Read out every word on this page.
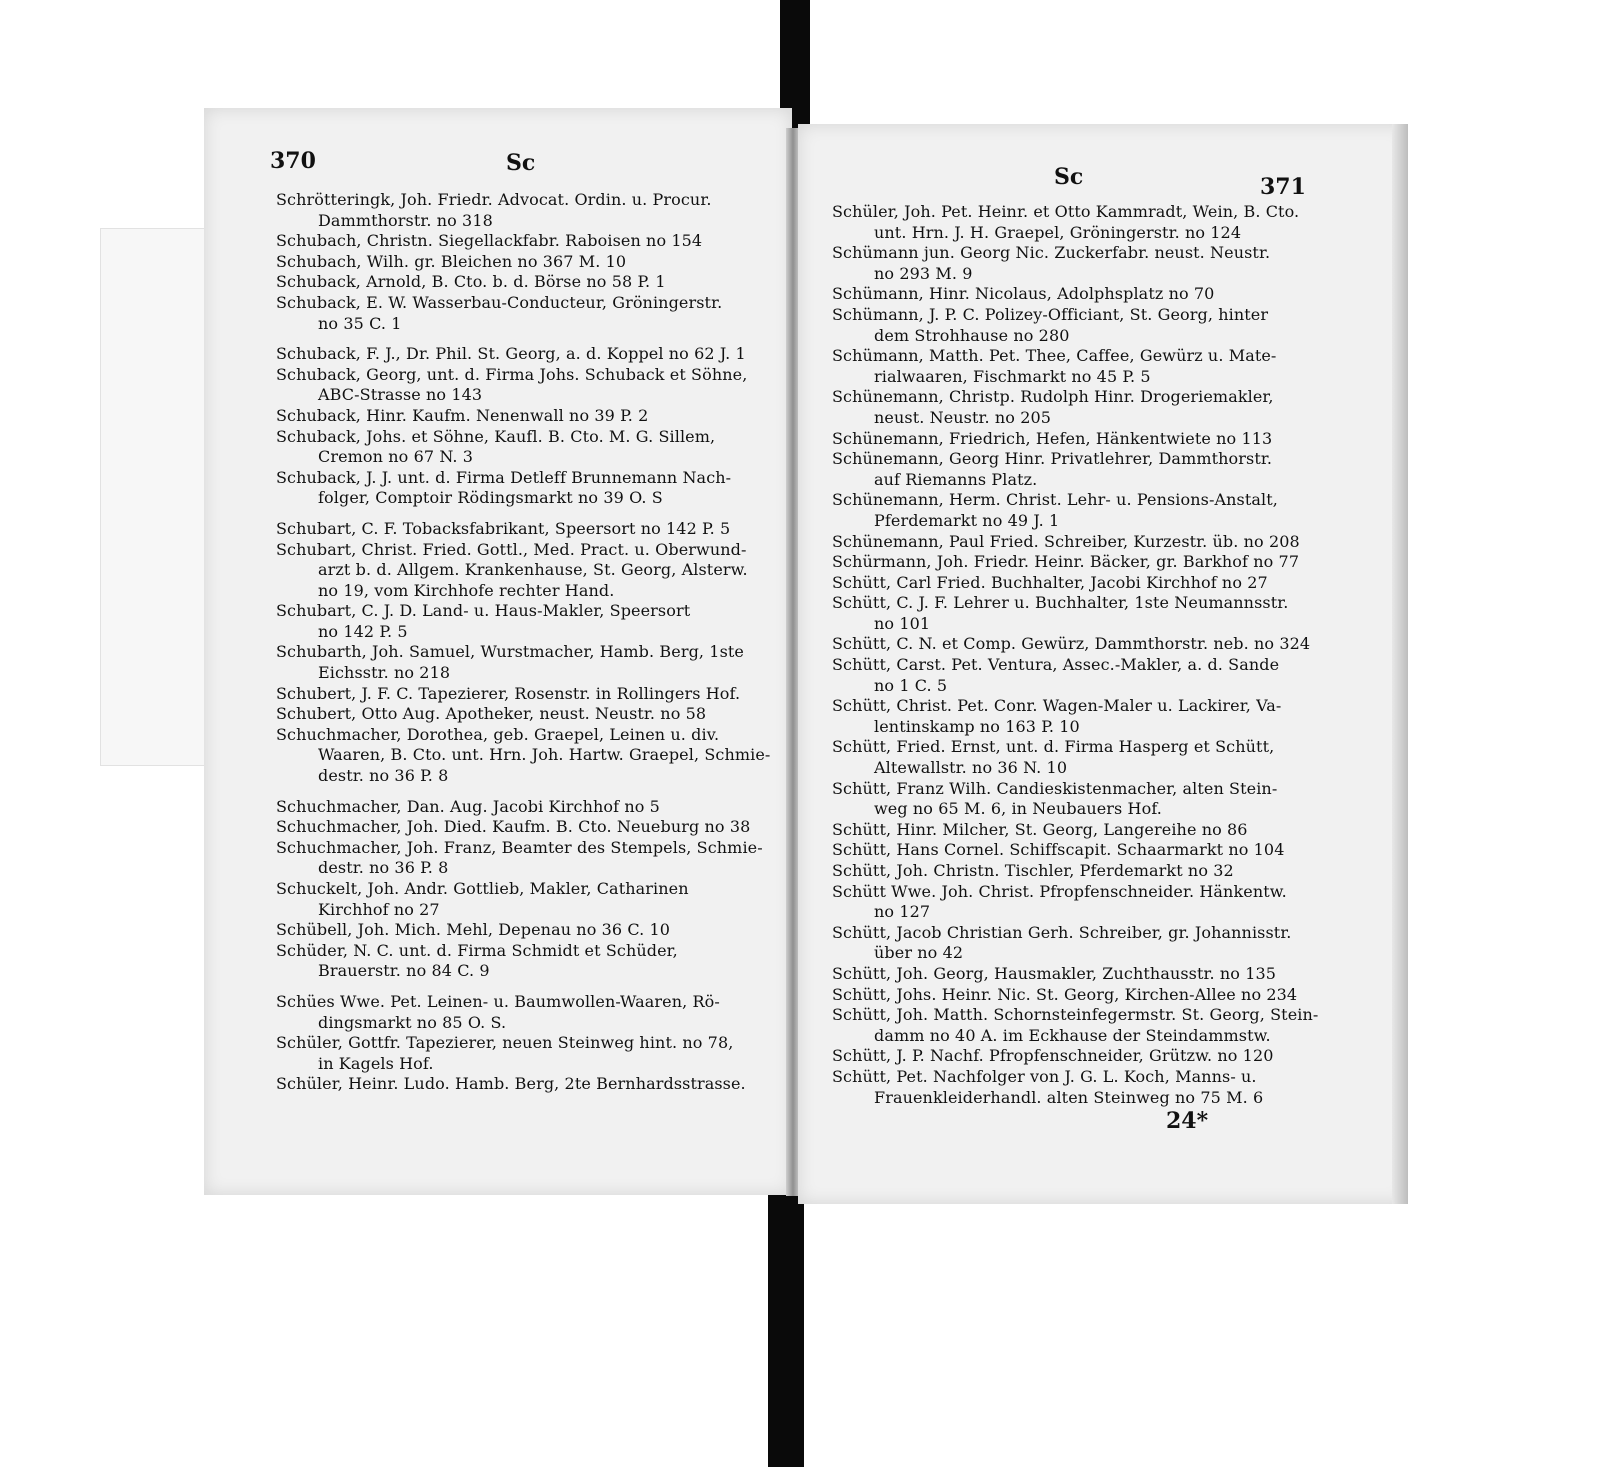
370	Sc
Schrötteringk, Joh. Friedr. Advocat. Ordin. u. Procur.
Dammthorstr. no 318
Schubach, Christn. Siegellackfabr. Raboisen no 154
Schubach, Wilh. gr. Bleichen no 367 M. 10
Schuback, Arnold, B. Cto. b. d. Börse no 58 P. 1
Schuback, E. W. Wasserbau-Conducteur, Gröningerstr.
no 35 C. 1
Schuback, F. J., Dr. Phil. St. Georg, a. d. Koppel no 62 J. 1
Schuback, Georg, unt. d. Firma Johs. Schuback et Söhne,
ABC-Strasse no 143
Schuback, Hinr. Kaufm. Nenenwall no 39 P. 2
Schuback, Johs. et Söhne, Kaufl. B. Cto. M. G. Sillem,
Cremon no 67 N. 3
Schuback, J. J. unt. d. Firma Detleff Brunnemann Nach-
folger, Comptoir Rödingsmarkt no 39 O. S
Schubart, C. F. Tobacksfabrikant, Speersort no 142 P. 5
Schubart, Christ. Fried. Gottl., Med. Pract. u. Oberwund-
arzt b. d. Allgem. Krankenhause, St. Georg, Alsterw.
no 19, vom Kirchhofe rechter Hand.
Schubart, C. J. D. Land- u. Haus-Makler, Speersort
no 142 P. 5
Schubarth, Joh. Samuel, Wurstmacher, Hamb. Berg, 1ste
Eichsstr. no 218
Schubert, J. F. C. Tapezierer, Rosenstr. in Rollingers Hof.
Schubert, Otto Aug. Apotheker, neust. Neustr. no 58
Schuchmacher, Dorothea, geb. Graepel, Leinen u. div.
Waaren, B. Cto. unt. Hrn. Joh. Hartw. Graepel, Schmie-
destr. no 36 P. 8
Schuchmacher, Dan. Aug. Jacobi Kirchhof no 5
Schuchmacher, Joh. Died. Kaufm. B. Cto. Neueburg no 38
Schuchmacher, Joh. Franz, Beamter des Stempels, Schmie-
destr. no 36 P. 8
Schuckelt, Joh. Andr. Gottlieb, Makler, Catharinen
Kirchhof no 27
Schübell, Joh. Mich. Mehl, Depenau no 36 C. 10
Schüder, N. C. unt. d. Firma Schmidt et Schüder,
Brauerstr. no 84 C. 9
Schües Wwe. Pet. Leinen- u. Baumwollen-Waaren, Rö-
dingsmarkt no 85 O. S.
Schüler, Gottfr. Tapezierer, neuen Steinweg hint. no 78,
in Kagels Hof.
Schüler, Heinr. Ludo. Hamb. Berg, 2te Bernhardsstrasse.
Sc	371
Schüler, Joh. Pet. Heinr. et Otto Kammradt, Wein, B. Cto.
unt. Hrn. J. H. Graepel, Gröningerstr. no 124
Schümann jun. Georg Nic. Zuckerfabr. neust. Neustr.
no 293 M. 9
Schümann, Hinr. Nicolaus, Adolphsplatz no 70
Schümann, J. P. C. Polizey-Officiant, St. Georg, hinter
dem Strohhause no 280
Schümann, Matth. Pet. Thee, Caffee, Gewürz u. Mate-
rialwaaren, Fischmarkt no 45 P. 5
Schünemann, Christp. Rudolph Hinr. Drogeriemakler,
neust. Neustr. no 205
Schünemann, Friedrich, Hefen, Hänkentwiete no 113
Schünemann, Georg Hinr. Privatlehrer, Dammthorstr.
auf Riemanns Platz.
Schünemann, Herm. Christ. Lehr- u. Pensions-Anstalt,
Pferdemarkt no 49 J. 1
Schünemann, Paul Fried. Schreiber, Kurzestr. üb. no 208
Schürmann, Joh. Friedr. Heinr. Bäcker, gr. Barkhof no 77
Schütt, Carl Fried. Buchhalter, Jacobi Kirchhof no 27
Schütt, C. J. F. Lehrer u. Buchhalter, 1ste Neumannsstr.
no 101
Schütt, C. N. et Comp. Gewürz, Dammthorstr. neb. no 324
Schütt, Carst. Pet. Ventura, Assec.-Makler, a. d. Sande
no 1 C. 5
Schütt, Christ. Pet. Conr. Wagen-Maler u. Lackirer, Va-
lentinskamp no 163 P. 10
Schütt, Fried. Ernst, unt. d. Firma Hasperg et Schütt,
Altewallstr. no 36 N. 10
Schütt, Franz Wilh. Candieskistenmacher, alten Stein-
weg no 65 M. 6, in Neubauers Hof.
Schütt, Hinr. Milcher, St. Georg, Langereihe no 86
Schütt, Hans Cornel. Schiffscapit. Schaarmarkt no 104
Schütt, Joh. Christn. Tischler, Pferdemarkt no 32
Schütt Wwe. Joh. Christ. Pfropfenschneider. Hänkentw.
no 127
Schütt, Jacob Christian Gerh. Schreiber, gr. Johannisstr.
über no 42
Schütt, Joh. Georg, Hausmakler, Zuchthausstr. no 135
Schütt, Johs. Heinr. Nic. St. Georg, Kirchen-Allee no 234
Schütt, Joh. Matth. Schornsteinfegermstr. St. Georg, Stein-
damm no 40 A. im Eckhause der Steindammstw.
Schütt, J. P. Nachf. Pfropfenschneider, Grützw. no 120
Schütt, Pet. Nachfolger von J. G. L. Koch, Manns- u.
Frauenkleiderhandl. alten Steinweg no 75 M. 6
24*
